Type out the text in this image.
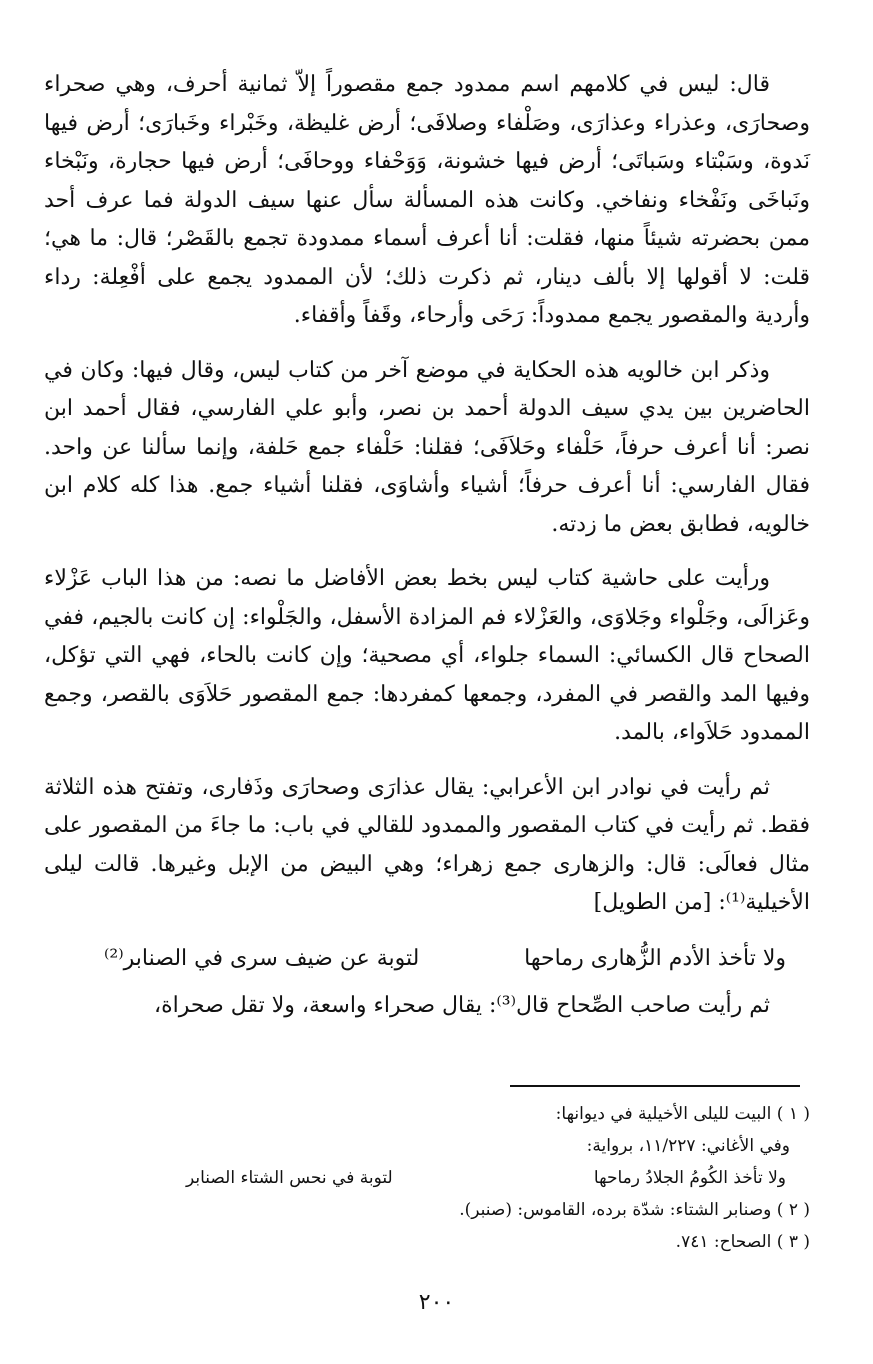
قال: ليس في كلامهم اسم ممدود جمع مقصوراً إلاّ ثمانية أحرف، وهي صحراء وصحارَى، وعذراء وعذارَى، وصَلْفاء وصلافَى؛ أرض غليظة، وخَبْراء وخَبارَى؛ أرض فيها نَدوة، وسَبْتاء وسَباتَى؛ أرض فيها خشونة، وَوَحْفاء ووحافَى؛ أرض فيها حجارة، ونَبْخاء ونَباخَى ونَفْخاء ونفاخي. وكانت هذه المسألة سأل عنها سيف الدولة فما عرف أحد ممن بحضرته شيئاً منها، فقلت: أنا أعرف أسماء ممدودة تجمع بالقَصْر؛ قال: ما هي؛ قلت: لا أقولها إلا بألف دينار، ثم ذكرت ذلك؛ لأن الممدود يجمع على أفْعِلة: رداء وأردية والمقصور يجمع ممدوداً: رَحَى وأرحاء، وقَفاً وأقفاء.

وذكر ابن خالويه هذه الحكاية في موضع آخر من كتاب ليس، وقال فيها: وكان في الحاضرين بين يدي سيف الدولة أحمد بن نصر، وأبو علي الفارسي، فقال أحمد ابن نصر: أنا أعرف حرفاً، حَلْفاء وحَلاَفَى؛ فقلنا: حَلْفاء جمع حَلفة، وإنما سألنا عن واحد. فقال الفارسي: أنا أعرف حرفاً؛ أشياء وأشاوَى، فقلنا أشياء جمع. هذا كله كلام ابن خالويه، فطابق بعض ما زدته.

ورأيت على حاشية كتاب ليس بخط بعض الأفاضل ما نصه: من هذا الباب عَزْلاء وعَزالَى، وجَلْواء وجَلاوَى، والعَزْلاء فم المزادة الأسفل، والجَلْواء: إن كانت بالجيم، ففي الصحاح قال الكسائي: السماء جلواء، أي مصحية؛ وإن كانت بالحاء، فهي التي تؤكل، وفيها المد والقصر في المفرد، وجمعها كمفردها: جمع المقصور حَلاَوَى بالقصر، وجمع الممدود حَلاَواء، بالمد.

ثم رأيت في نوادر ابن الأعرابي: يقال عذارَى وصحارَى وذَفارى، وتفتح هذه الثلاثة فقط. ثم رأيت في كتاب المقصور والممدود للقالي في باب: ما جاءَ من المقصور على مثال فعالَى: قال: والزهارى جمع زهراء؛ وهي البيض من الإبل وغيرها. قالت ليلى الأخيلية⁽¹⁾: [من الطويل]

ولا تأخذ الأدم الزُّهارى رماحها
لتوبة عن ضيف سرى في الصنابر⁽²⁾

ثم رأيت صاحب الصِّحاح قال⁽³⁾: يقال صحراء واسعة، ولا تقل صحراة،

( ١ ) البيت لليلى الأخيلية في ديوانها:
وفي الأغاني: ١١/٢٢٧، برواية:
ولا تأخذ الكُومُ الجلادُ رماحها
لتوبة في نحس الشتاء الصنابر
( ٢ ) وصنابر الشتاء: شدّة برده، القاموس: (صنبر).
( ٣ ) الصحاح: ٧٤١.
٢٠٠
